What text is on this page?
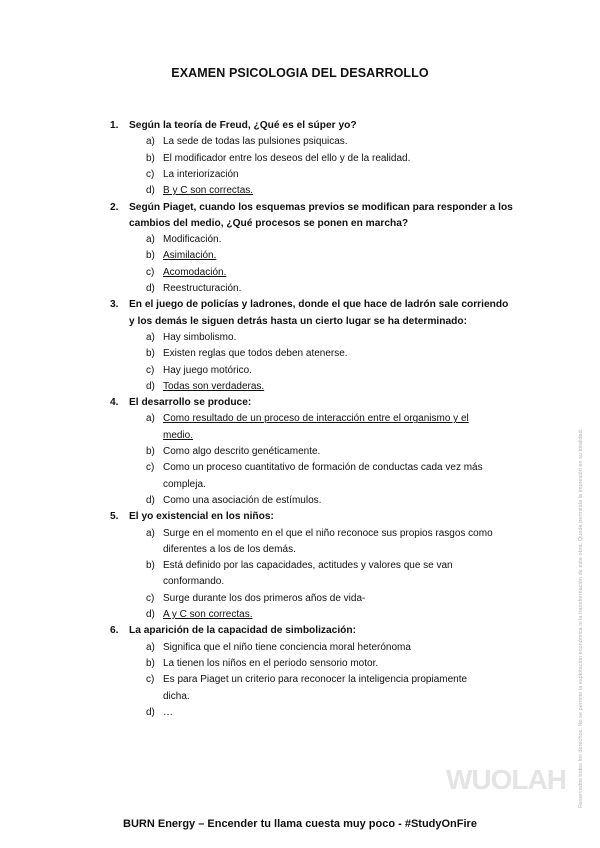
EXAMEN PSICOLOGIA DEL DESARROLLO
1. Según la teoría de Freud, ¿Qué es el súper yo?
a) La sede de todas las pulsiones psiquicas.
b) El modificador entre los deseos del ello y de la realidad.
c) La interiorización
d) B y C son correctas.
2. Según Piaget, cuando los esquemas previos se modifican para responder a los
cambios del medio, ¿Qué procesos se ponen en marcha?
a) Modificación.
b) Asimilación.
c) Acomodación.
d) Reestructuración.
3. En el juego de policías y ladrones, donde el que hace de ladrón sale corriendo
y los demás le siguen detrás hasta un cierto lugar se ha determinado:
a) Hay simbolismo.
b) Existen reglas que todos deben atenerse.
c) Hay juego motórico.
d) Todas son verdaderas.
4. El desarrollo se produce:
a) Como resultado de un proceso de interacción entre el organismo y el
medio.
b) Como algo descrito genéticamente.
c) Como un proceso cuantitativo de formación de conductas cada vez más
compleja.
d) Como una asociación de estímulos.
5. El yo existencial en los niños:
a) Surge en el momento en el que el niño reconoce sus propios rasgos como
diferentes a los de los demás.
b) Está definido por las capacidades, actitudes y valores que se van
conformando.
c) Surge durante los dos primeros años de vida-
d) A y C son correctas.
6. La aparición de la capacidad de simbolización:
a) Significa que el niño tiene conciencia moral heterónoma
b) La tienen los niños en el periodo sensorio motor.
c) Es para Piaget un criterio para reconocer la inteligencia propiamente
dicha.
d) …	Reservados todos los derechos. No se permite la explotación económica ni la transformación de esta obra. Queda permitida la impresión en su totalidad.
WUOLAH
BURN Energy – Encender tu llama cuesta muy poco - #StudyOnFire
